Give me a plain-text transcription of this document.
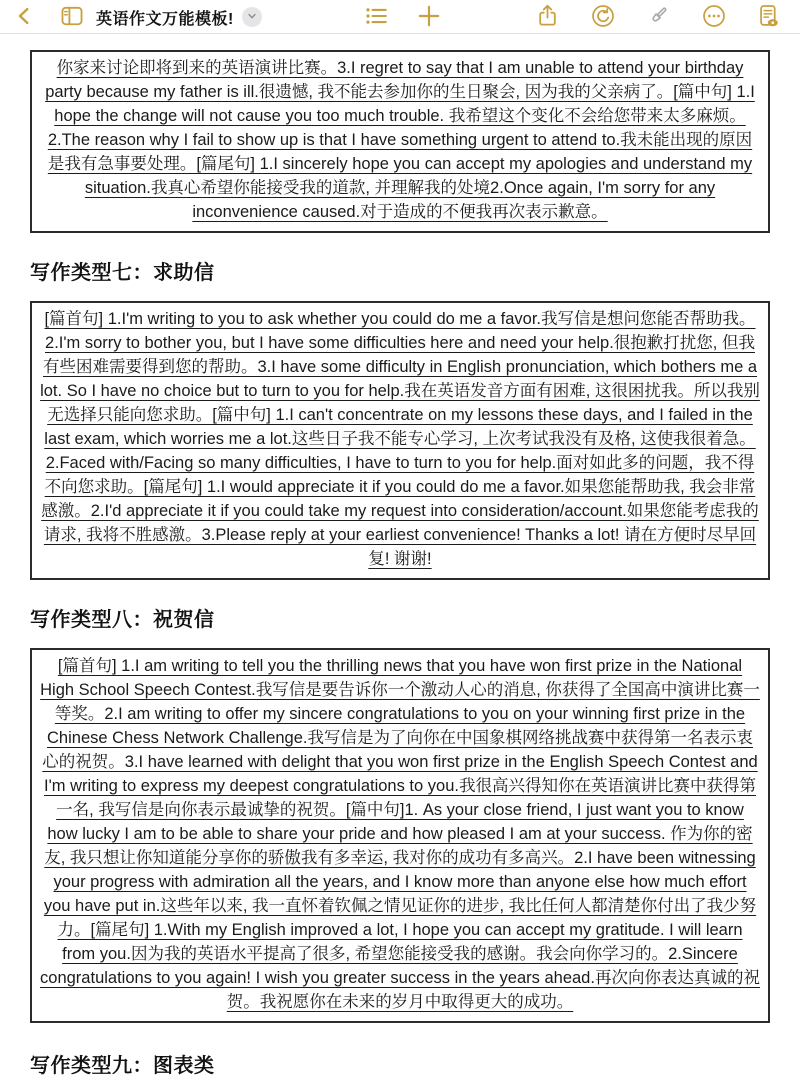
英语作文万能模板!
你家来讨论即将到来的英语演讲比赛。3.I regret to say that I am unable to attend your birthday party because my father is ill.很遗憾, 我不能去参加你的生日聚会, 因为我的父亲病了。[篇中句] 1.I hope the change will not cause you too much trouble. 我希望这个变化不会给您带来太多麻烦。2.The reason why I fail to show up is that I have something urgent to attend to.我未能出现的原因是我有急事要处理。[篇尾句] 1.I sincerely hope you can accept my apologies and understand my situation.我真心希望你能接受我的道款, 并理解我的处境2.Once again, I'm sorry for any inconvenience caused.对于造成的不便我再次表示歉意。
写作类型七：求助信
[篇首句] 1.I'm writing to you to ask whether you could do me a favor.我写信是想问您能否帮助我。2.I'm sorry to bother you, but I have some difficulties here and need your help.很抱歉打扰您, 但我有些困难需要得到您的帮助。3.I have some difficulty in English pronunciation, which bothers me a lot. So I have no choice but to turn to you for help.我在英语发音方面有困难, 这很困扰我。所以我别无选择只能向您求助。[篇中句] 1.I can't concentrate on my lessons these days, and I failed in the last exam, which worries me a lot.这些日子我不能专心学习, 上次考试我没有及格, 这使我很着急。2.Faced with/Facing so many difficulties, I have to turn to you for help.面对如此多的问题，我不得不向您求助。[篇尾句] 1.I would appreciate it if you could do me a favor.如果您能帮助我, 我会非常感激。2.I'd appreciate it if you could take my request into consideration/account.如果您能考虑我的请求, 我将不胜感激。3.Please reply at your earliest convenience! Thanks a lot! 请在方便时尽早回复! 谢谢!
写作类型八：祝贺信
[篇首句] 1.I am writing to tell you the thrilling news that you have won first prize in the National High School Speech Contest.我写信是要告诉你一个激动人心的消息, 你获得了全国高中演讲比赛一等奖。2.I am writing to offer my sincere congratulations to you on your winning first prize in the Chinese Chess Network Challenge.我写信是为了向你在中国象棋网络挑战赛中获得第一名表示衷心的祝贺。3.I have learned with delight that you won first prize in the English Speech Contest and I'm writing to express my deepest congratulations to you.我很高兴得知你在英语演讲比赛中获得第一名, 我写信是向你表示最诚挚的祝贺。[篇中句]1. As your close friend, I just want you to know how lucky I am to be able to share your pride and how pleased I am at your success. 作为你的密友, 我只想让你知道能分享你的骄傲我有多幸运, 我对你的成功有多高兴。2.I have been witnessing your progress with admiration all the years, and I know more than anyone else how much effort you have put in.这些年以来, 我一直怀着钦佩之情见证你的进步, 我比任何人都清楚你付出了我少努力。[篇尾句] 1.With my English improved a lot, I hope you can accept my gratitude. I will learn from you.因为我的英语水平提高了很多, 希望您能接受我的感谢。我会向你学习的。2.Sincere congratulations to you again! I wish you greater success in the years ahead.再次向你表达真诚的祝贺。我祝愿你在未来的岁月中取得更大的成功。
写作类型九：图表类
